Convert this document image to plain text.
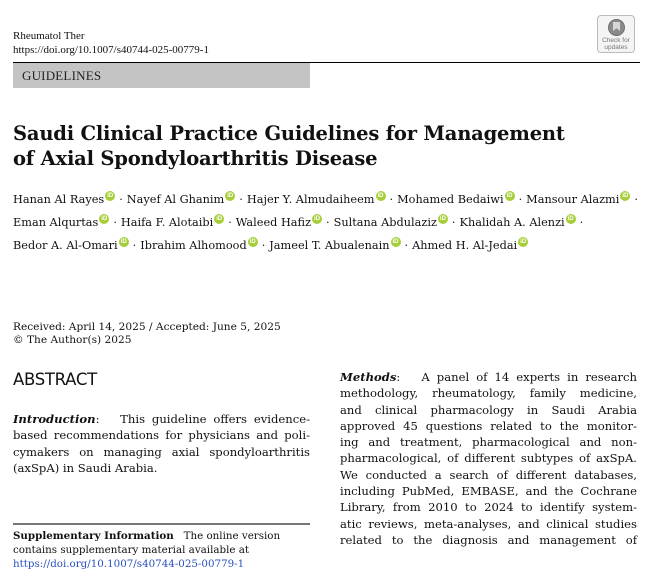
Rheumatol Ther
https://doi.org/10.1007/s40744-025-00779-1
Check for
updates
GUIDELINES
Saudi Clinical Practice Guidelines for Management
of Axial Spondyloarthritis Disease
Hanan Al Rayes iD · Nayef Al Ghanim iD · Hajer Y. Almudaiheem iD · Mohamed Bedaiwi iD · Mansour Alazmi iD ·
Eman Alqurtas iD · Haifa F. Alotaibi iD · Waleed Hafiz iD · Sultana Abdulaziz iD · Khalidah A. Alenzi iD ·
Bedor A. Al-Omari iD · Ibrahim Alhomood iD · Jameel T. Abualenain iD · Ahmed H. Al-JedaiiD
Received: April 14, 2025 / Accepted: June 5, 2025
© The Author(s) 2025
ABSTRACT
Introduction:   This guideline offers evidence-
based recommendations for physicians and poli-
cymakers on managing axial spondyloarthritis
(axSpA) in Saudi Arabia.
Methods:   A panel of 14 experts in research
methodology, rheumatology, family medicine,
and clinical pharmacology in Saudi Arabia
approved 45 questions related to the monitor-
ing and treatment, pharmacological and non-
pharmacological, of different subtypes of axSpA.
We conducted a search of different databases,
including PubMed, EMBASE, and the Cochrane
Library, from 2010 to 2024 to identify system-
atic reviews, meta-analyses, and clinical studies
related to the diagnosis and management of
Supplementary Information The online version
contains supplementary material available at
https://doi.org/10.1007/s40744-025-00779-1
